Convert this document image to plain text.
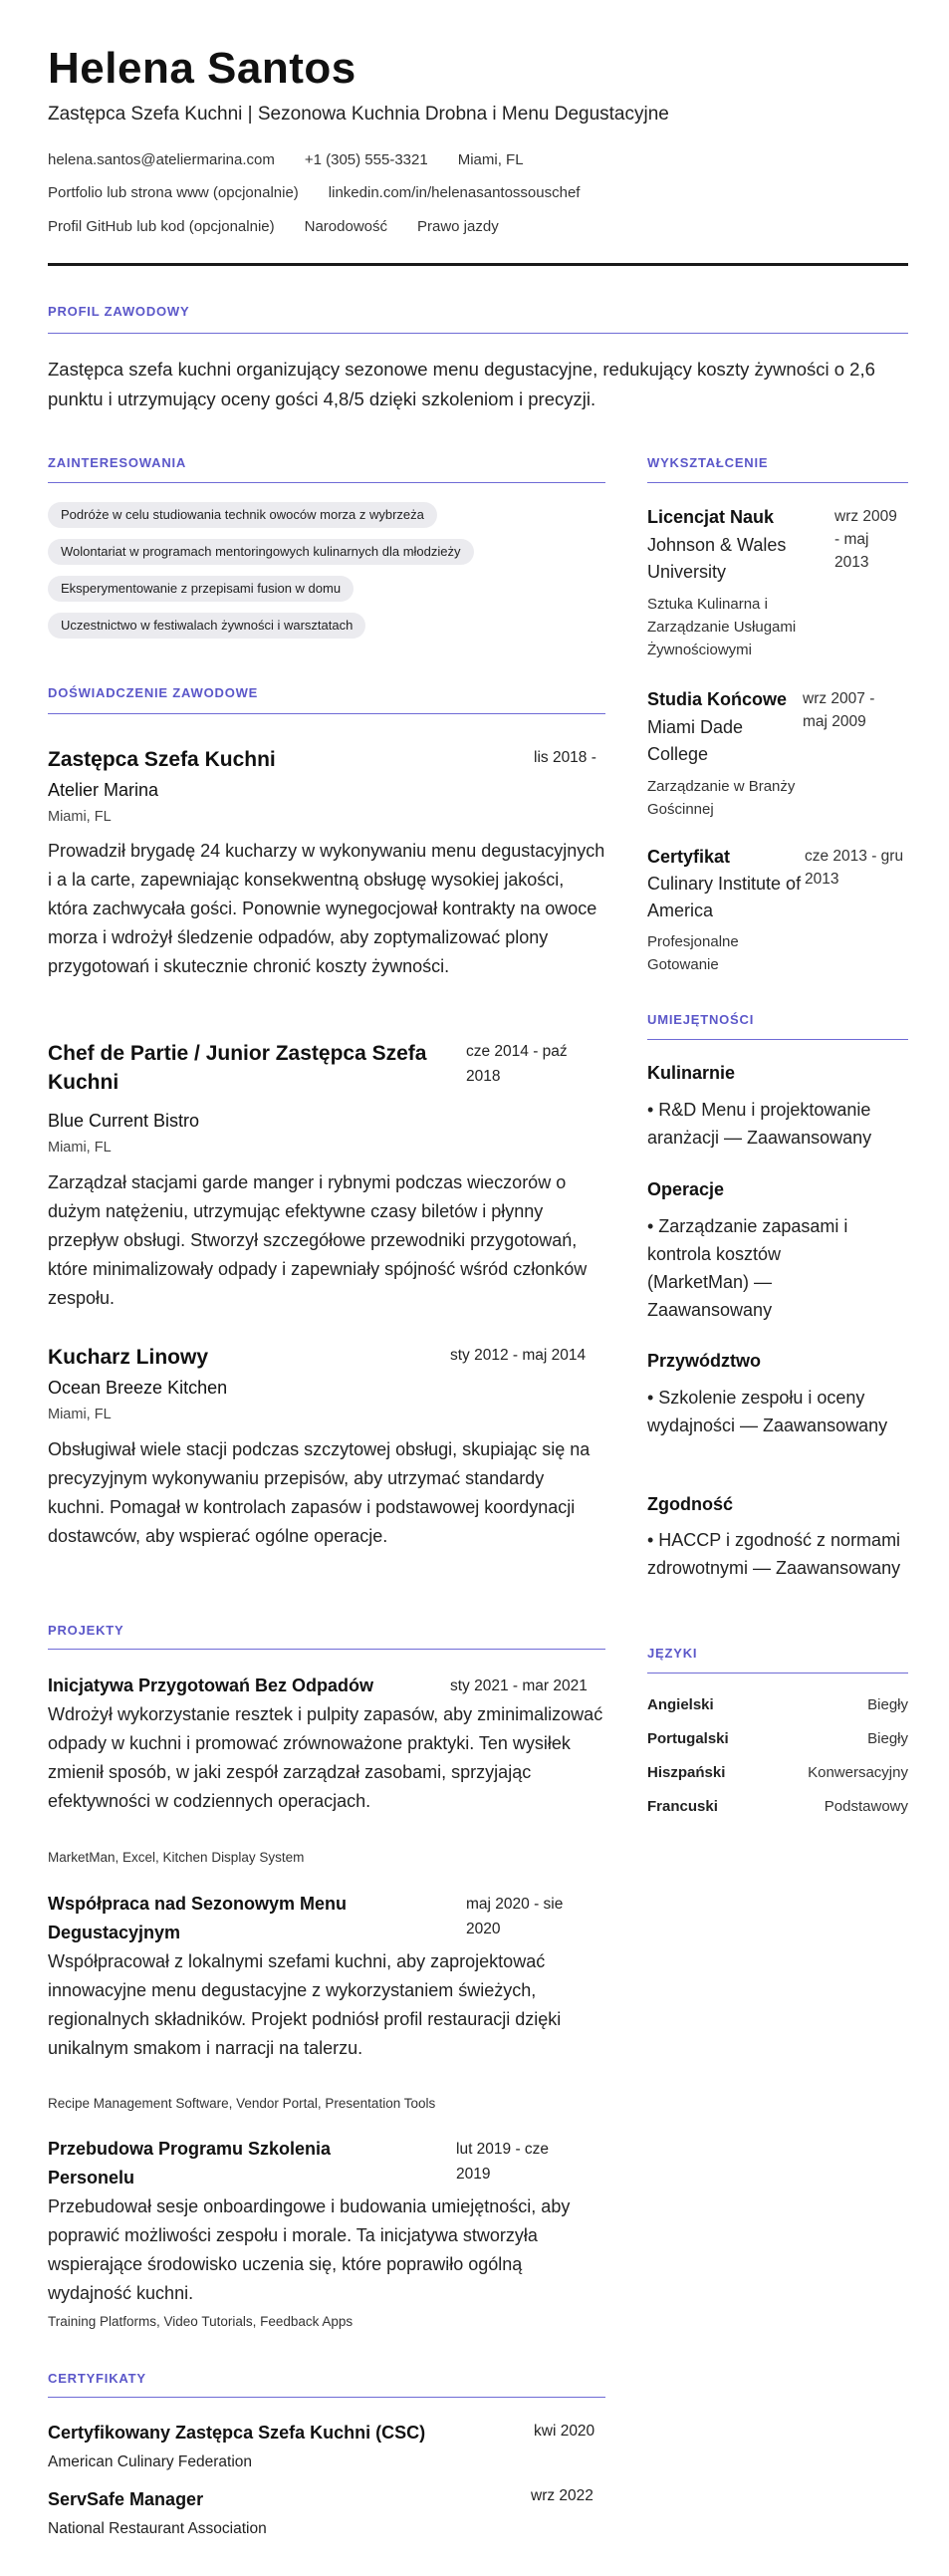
Helena Santos
Zastępca Szefa Kuchni | Sezonowa Kuchnia Drobna i Menu Degustacyjne
helena.santos@ateliermarina.com +1 (305) 555-3321 Miami, FL
Portfolio lub strona www (opcjonalnie) linkedin.com/in/helenasantossouschef
Profil GitHub lub kod (opcjonalnie) Narodowość Prawo jazdy
PROFIL ZAWODOWY
Zastępca szefa kuchni organizujący sezonowe menu degustacyjne, redukujący koszty żywności o 2,6 punktu i utrzymujący oceny gości 4,8/5 dzięki szkoleniom i precyzji.
ZAINTERESOWANIA
Podróże w celu studiowania technik owoców morza z wybrzeża
Wolontariat w programach mentoringowych kulinarnych dla młodzieży
Eksperymentowanie z przepisami fusion w domu
Uczestnictwo w festiwalach żywności i warsztatach
DOŚWIADCZENIE ZAWODOWE
Zastępca Szefa Kuchni	lis 2018 -
Atelier Marina
Miami, FL
Prowadził brygadę 24 kucharzy w wykonywaniu menu degustacyjnych i a la carte, zapewniając konsekwentną obsługę wysokiej jakości, która zachwycała gości. Ponownie wynegocjował kontrakty na owoce morza i wdrożył śledzenie odpadów, aby zoptymalizować plony przygotowań i skutecznie chronić koszty żywności.
Chef de Partie / Junior Zastępca Szefa Kuchni
cze 2014 - paź 2018
Blue Current Bistro
Miami, FL
Zarządzał stacjami garde manger i rybnymi podczas wieczorów o dużym natężeniu, utrzymując efektywne czasy biletów i płynny przepływ obsługi. Stworzył szczegółowe przewodniki przygotowań, które minimalizowały odpady i zapewniały spójność wśród członków zespołu.
Kucharz Linowy	sty 2012 - maj 2014
Ocean Breeze Kitchen
Miami, FL
Obsługiwał wiele stacji podczas szczytowej obsługi, skupiając się na precyzyjnym wykonywaniu przepisów, aby utrzymać standardy kuchni. Pomagał w kontrolach zapasów i podstawowej koordynacji dostawców, aby wspierać ogólne operacje.
PROJEKTY
Inicjatywa Przygotowań Bez Odpadów	sty 2021 - mar 2021
Wdrożył wykorzystanie resztek i pulpity zapasów, aby zminimalizować odpady w kuchni i promować zrównoważone praktyki. Ten wysiłek zmienił sposób, w jaki zespół zarządzał zasobami, sprzyjając efektywności w codziennych operacjach.
MarketMan, Excel, Kitchen Display System
Współpraca nad Sezonowym Menu Degustacyjnym
maj 2020 - sie 2020
Współpracował z lokalnymi szefami kuchni, aby zaprojektować innowacyjne menu degustacyjne z wykorzystaniem świeżych, regionalnych składników. Projekt podniósł profil restauracji dzięki unikalnym smakom i narracji na talerzu.
Recipe Management Software, Vendor Portal, Presentation Tools
Przebudowa Programu Szkolenia Personelu
lut 2019 - cze 2019
Przebudował sesje onboardingowe i budowania umiejętności, aby poprawić możliwości zespołu i morale. Ta inicjatywa stworzyła wspierające środowisko uczenia się, które poprawiło ogólną wydajność kuchni.
Training Platforms, Video Tutorials, Feedback Apps
CERTYFIKATY
Certyfikowany Zastępca Szefa Kuchni (CSC)	kwi 2020
American Culinary Federation
ServSafe Manager	wrz 2022
National Restaurant Association
WYKSZTAŁCENIE
Licencjat Nauk
Johnson & Wales University
Sztuka Kulinarna i Zarządzanie Usługami Żywnościowymi
wrz 2009 - maj 2013
Studia Końcowe
Miami Dade College
Zarządzanie w Branży Gościnnej
wrz 2007 - maj 2009
Certyfikat
Culinary Institute of America
Profesjonalne Gotowanie
cze 2013 - gru 2013
UMIEJĘTNOŚCI
Kulinarnie
• R&D Menu i projektowanie aranżacji — Zaawansowany
Operacje
• Zarządzanie zapasami i kontrola kosztów (MarketMan) — Zaawansowany
Przywództwo
• Szkolenie zespołu i oceny wydajności — Zaawansowany
Zgodność
• HACCP i zgodność z normami zdrowotnymi — Zaawansowany
JĘZYKI
Angielski	Biegły
Portugalski	Biegły
Hiszpański	Konwersacyjny
Francuski	Podstawowy
